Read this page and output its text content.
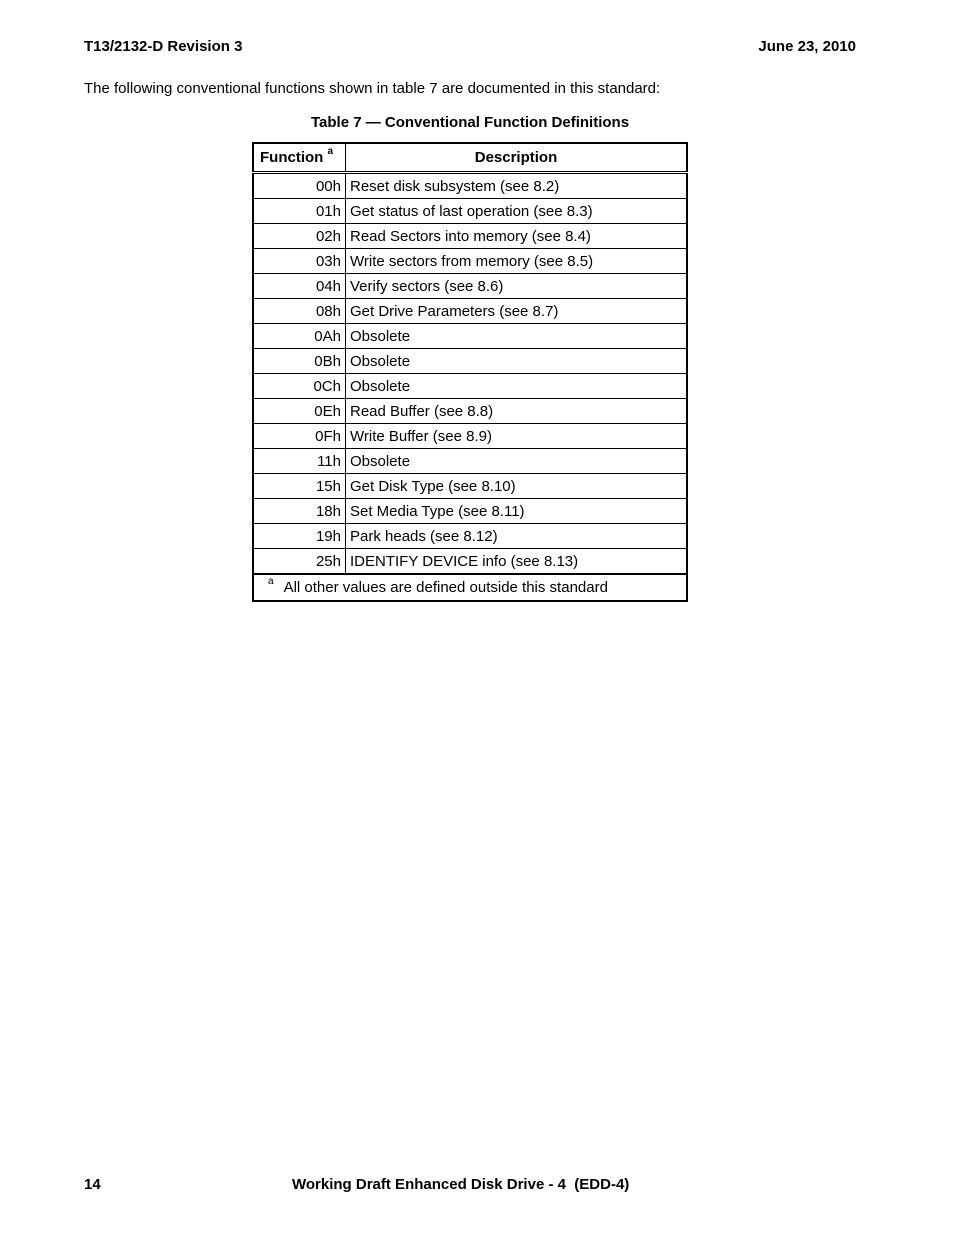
T13/2132-D Revision 3	June 23, 2010
The following conventional functions shown in table 7 are documented in this standard:
Table 7 — Conventional Function Definitions
Function $^a$	Description
00h	Reset disk subsystem (see 8.2)
01h	Get status of last operation (see 8.3)
02h	Read Sectors into memory (see 8.4)
03h	Write sectors from memory (see 8.5)
04h	Verify sectors (see 8.6)
08h	Get Drive Parameters (see 8.7)
0Ah	Obsolete
0Bh	Obsolete
0Ch	Obsolete
0Eh	Read Buffer (see 8.8)
0Fh	Write Buffer (see 8.9)
11h	Obsolete
15h	Get Disk Type (see 8.10)
18h	Set Media Type (see 8.11)
19h	Park heads (see 8.12)
25h	IDENTIFY DEVICE info (see 8.13)
$^a$ All other values are defined outside this standard	
14	Working Draft Enhanced Disk Drive - 4  (EDD-4)
